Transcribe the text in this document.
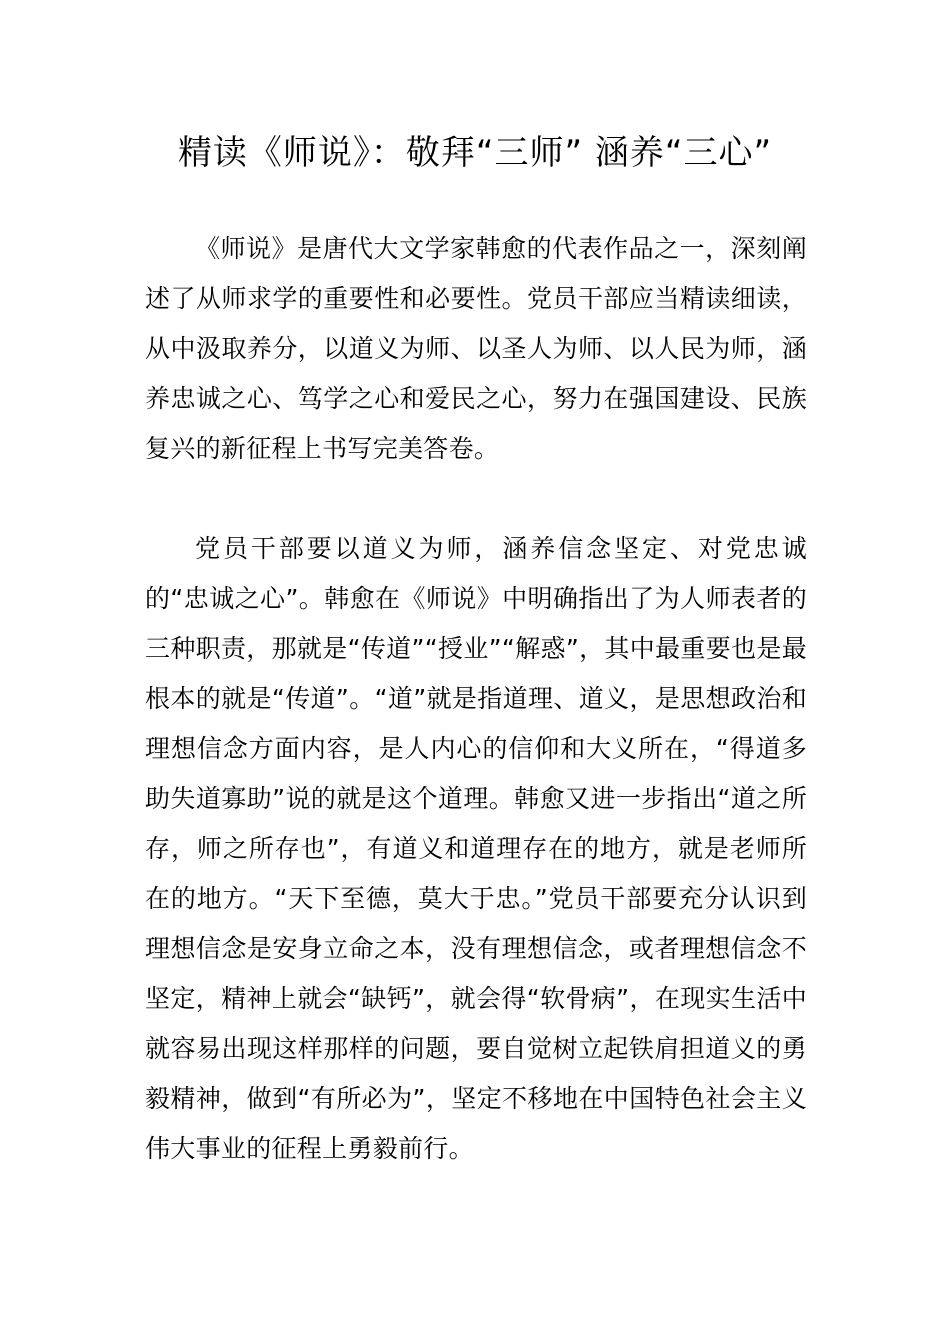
精读《师说》：敬拜“三师” 涵养“三心”

《师说》是唐代大文学家韩愈的代表作品之一，深刻阐述了从师求学的重要性和必要性。党员干部应当精读细读，从中汲取养分，以道义为师、以圣人为师、以人民为师，涵养忠诚之心、笃学之心和爱民之心，努力在强国建设、民族复兴的新征程上书写完美答卷。

党员干部要以道义为师，涵养信念坚定、对党忠诚的“忠诚之心”。韩愈在《师说》中明确指出了为人师表者的三种职责，那就是“传道”“授业”“解惑”，其中最重要也是最根本的就是“传道”。“道”就是指道理、道义，是思想政治和理想信念方面内容，是人内心的信仰和大义所在，“得道多助失道寡助”说的就是这个道理。韩愈又进一步指出“道之所存，师之所存也”，有道义和道理存在的地方，就是老师所在的地方。“天下至德，莫大于忠。”党员干部要充分认识到理想信念是安身立命之本，没有理想信念，或者理想信念不坚定，精神上就会“缺钙”，就会得“软骨病”，在现实生活中就容易出现这样那样的问题，要自觉树立起铁肩担道义的勇毅精神，做到“有所必为”，坚定不移地在中国特色社会主义伟大事业的征程上勇毅前行。
